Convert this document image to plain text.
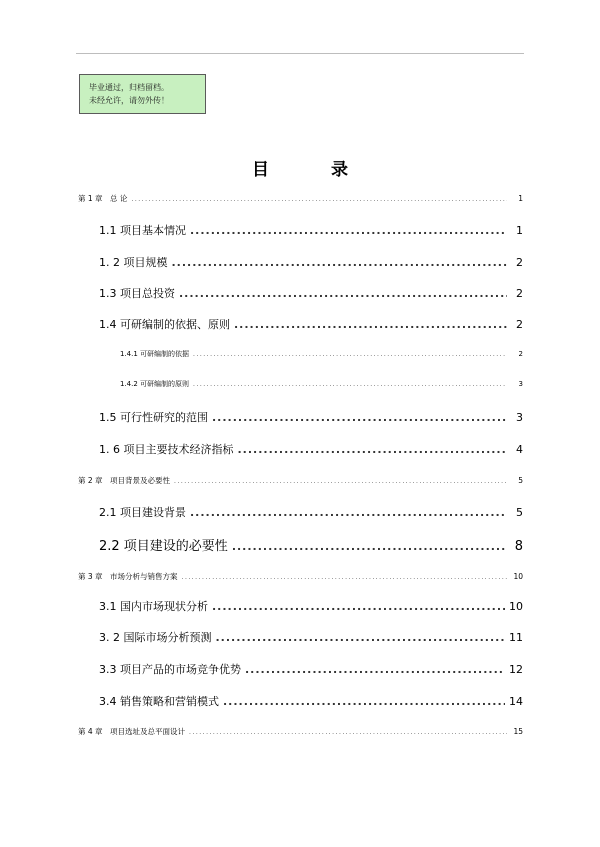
毕业通过，归档留档。
未经允许，请勿外传！
目 录
第 1 章　总 论 .....	1
1.1 项目基本情况 .....	1
1. 2 项目规模 .....	2
1.3 项目总投资 .....	2
1.4 可研编制的依据、原则 .....	2
1.4.1 可研编制的依据 .....	2
1.4.2 可研编制的原则 .....	3
1.5 可行性研究的范围 .....	3
1. 6 项目主要技术经济指标 .....	4
第 2 章　项目背景及必要性 .....	5
2.1 项目建设背景 .....	5
2.2 项目建设的必要性 .....	8
第 3 章　市场分析与销售方案 .....	10
3.1 国内市场现状分析 .....	10
3. 2 国际市场分析预测 .....	11
3.3 项目产品的市场竞争优势 .....	12
3.4 销售策略和营销模式 .....	14
第 4 章　项目选址及总平面设计 .....	15
